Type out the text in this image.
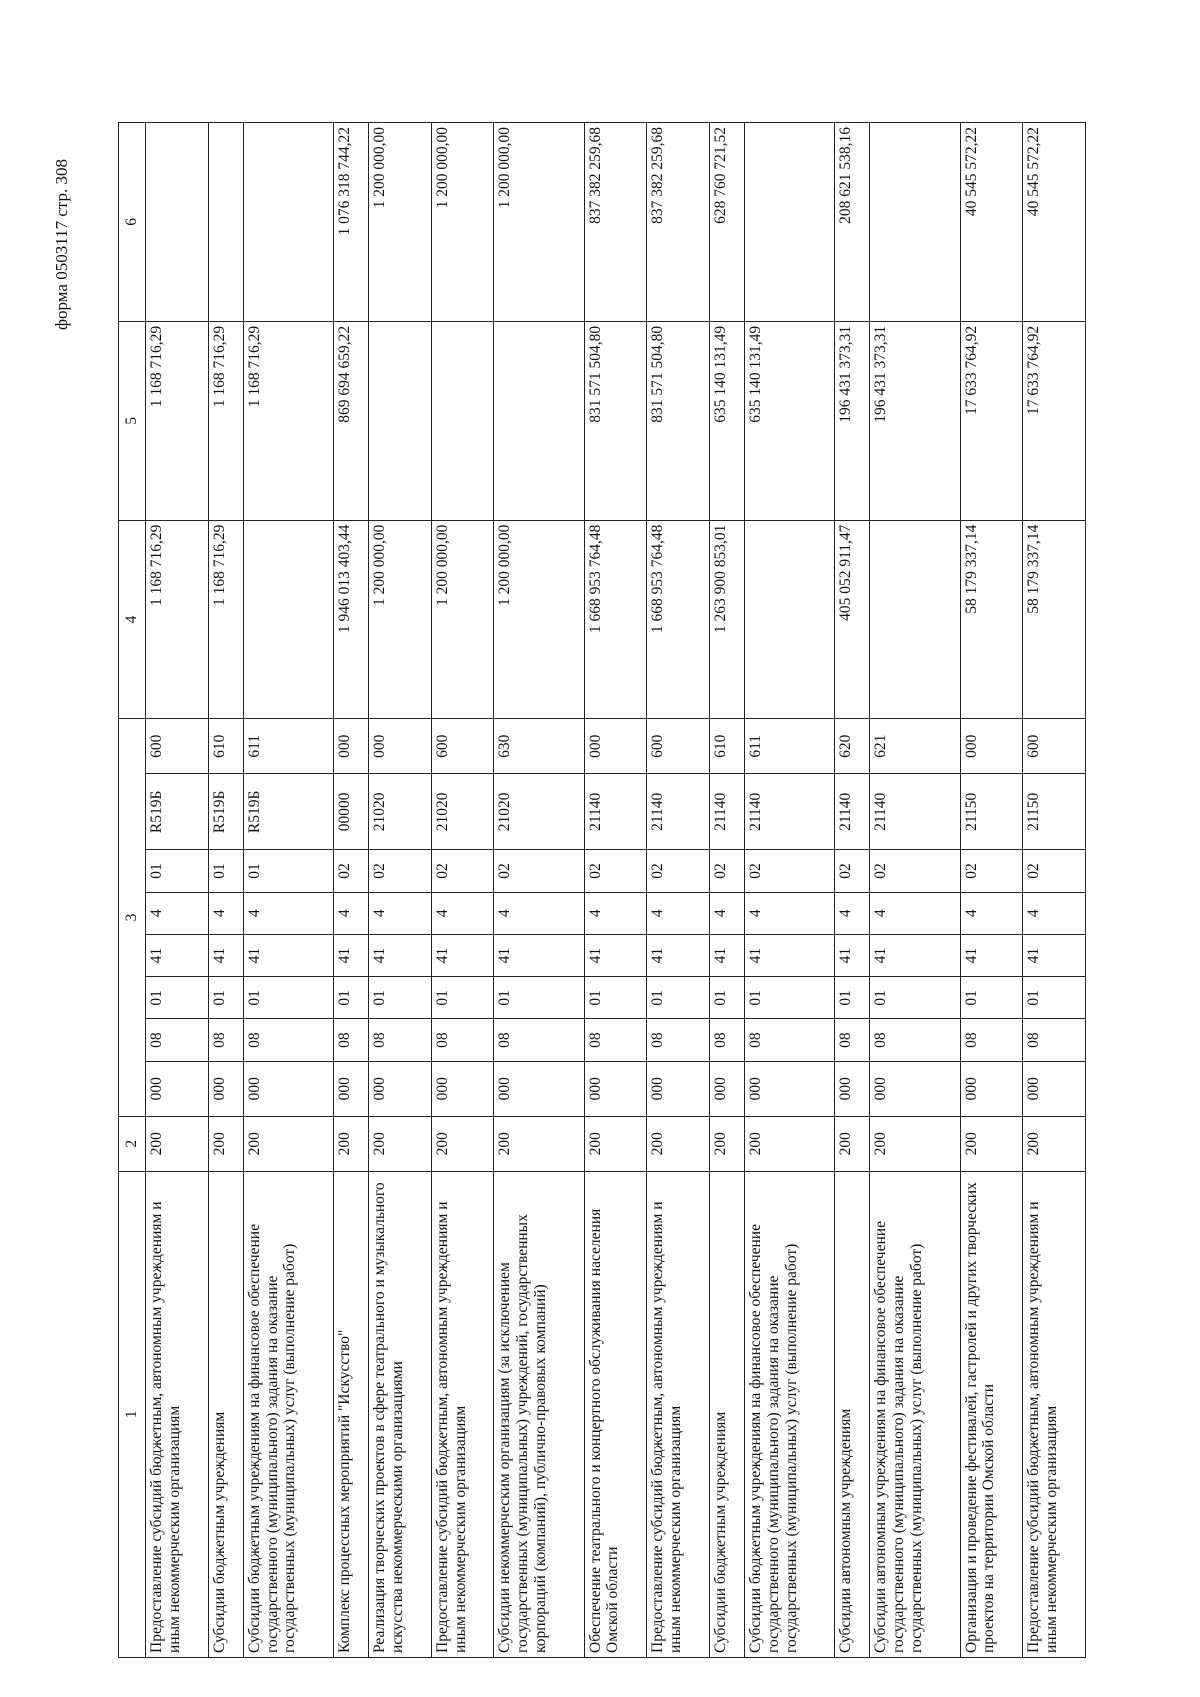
форма 0503117 стр. 308
1	2	3								4	5	6
Предоставление субсидий бюджетным, автономным учреждениям и иным некоммерческим организациям	200	000	08	01	41	4	01	R519Б	600	1 168 716,29	1 168 716,29	
Субсидии бюджетным учреждениям	200	000	08	01	41	4	01	R519Б	610	1 168 716,29	1 168 716,29	
Субсидии бюджетным учреждениям на финансовое обеспечение государственного (муниципального) задания на оказание государственных (муниципальных) услуг (выполнение работ)	200	000	08	01	41	4	01	R519Б	611		1 168 716,29	
Комплекс процессных мероприятий "Искусство"	200	000	08	01	41	4	02	00000	000	1 946 013 403,44	869 694 659,22	1 076 318 744,22
Реализация творческих проектов в сфере театрального и музыкального искусства некоммерческими организациями	200	000	08	01	41	4	02	21020	000	1 200 000,00		1 200 000,00
Предоставление субсидий бюджетным, автономным учреждениям и иным некоммерческим организациям	200	000	08	01	41	4	02	21020	600	1 200 000,00		1 200 000,00
Субсидии некоммерческим организациям (за исключением государственных (муниципальных) учреждений, государственных корпораций (компаний), публично-правовых компаний)	200	000	08	01	41	4	02	21020	630	1 200 000,00		1 200 000,00
Обеспечение театрального и концертного обслуживания населения Омской области	200	000	08	01	41	4	02	21140	000	1 668 953 764,48	831 571 504,80	837 382 259,68
Предоставление субсидий бюджетным, автономным учреждениям и иным некоммерческим организациям	200	000	08	01	41	4	02	21140	600	1 668 953 764,48	831 571 504,80	837 382 259,68
Субсидии бюджетным учреждениям	200	000	08	01	41	4	02	21140	610	1 263 900 853,01	635 140 131,49	628 760 721,52
Субсидии бюджетным учреждениям на финансовое обеспечение государственного (муниципального) задания на оказание государственных (муниципальных) услуг (выполнение работ)	200	000	08	01	41	4	02	21140	611		635 140 131,49	
Субсидии автономным учреждениям	200	000	08	01	41	4	02	21140	620	405 052 911,47	196 431 373,31	208 621 538,16
Субсидии автономным учреждениям на финансовое обеспечение государственного (муниципального) задания на оказание государственных (муниципальных) услуг (выполнение работ)	200	000	08	01	41	4	02	21140	621		196 431 373,31	
Организация и проведение фестивалей, гастролей и других творческих проектов на территории Омской области	200	000	08	01	41	4	02	21150	000	58 179 337,14	17 633 764,92	40 545 572,22
Предоставление субсидий бюджетным, автономным учреждениям и иным некоммерческим организациям	200	000	08	01	41	4	02	21150	600	58 179 337,14	17 633 764,92	40 545 572,22
